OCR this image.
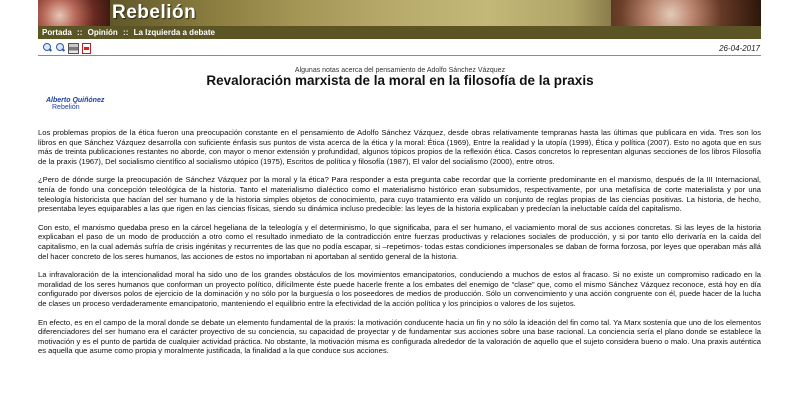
Rebelión
Portada :: Opinión :: La Izquierda a debate
26-04-2017
Algunas notas acerca del pensamiento de Adolfo Sánchez Vázquez
Revaloración marxista de la moral en la filosofía de la praxis
Alberto Quiñónez
Rebelión

Los problemas propios de la ética fueron una preocupación constante en el pensamiento de Adolfo Sánchez Vázquez, desde obras relativamente tempranas hasta las últimas que publicara en vida. Tres son los libros en que Sánchez Vázquez desarrolla con suficiente énfasis sus puntos de vista acerca de la ética y la moral: Ética (1969), Entre la realidad y la utopía (1999), Ética y política (2007). Esto no agota que en sus más de treinta publicaciones restantes no aborde, con mayor o menor extensión y profundidad, algunos tópicos propios de la reflexión ética. Casos concretos lo representan algunas secciones de los libros Filosofía de la praxis (1967), Del socialismo científico al socialismo utópico (1975), Escritos de política y filosofía (1987), El valor del socialismo (2000), entre otros.

¿Pero de dónde surge la preocupación de Sánchez Vázquez por la moral y la ética? Para responder a esta pregunta cabe recordar que la corriente predominante en el marxismo, después de la III Internacional, tenía de fondo una concepción teleológica de la historia. Tanto el materialismo dialéctico como el materialismo histórico eran subsumidos, respectivamente, por una metafísica de corte materialista y por una teleología historicista que hacían del ser humano y de la historia simples objetos de conocimiento, para cuyo tratamiento era válido un conjunto de reglas propias de las ciencias positivas. La historia, de hecho, presentaba leyes equiparables a las que rigen en las ciencias físicas, siendo su dinámica incluso predecible: las leyes de la historia explicaban y predecían la ineluctable caída del capitalismo.

Con esto, el marxismo quedaba preso en la cárcel hegeliana de la teleología y el determinismo, lo que significaba, para el ser humano, el vaciamiento moral de sus acciones concretas. Si las leyes de la historia explicaban el paso de un modo de producción a otro como el resultado inmediato de la contradicción entre fuerzas productivas y relaciones sociales de producción, y si por tanto ello derivaría en la caída del capitalismo, en la cual además sufría de crisis ingénitas y recurrentes de las que no podía escapar, si –repetimos- todas estas condiciones impersonales se daban de forma forzosa, por leyes que operaban más allá del hacer concreto de los seres humanos, las acciones de estos no importaban ni aportaban al sentido general de la historia.

La infravaloración de la intencionalidad moral ha sido uno de los grandes obstáculos de los movimientos emancipatorios, conduciendo a muchos de estos al fracaso. Si no existe un compromiso radicado en la moralidad de los seres humanos que conforman un proyecto político, difícilmente éste puede hacerle frente a los embates del enemigo de “clase” que, como el mismo Sánchez Vázquez reconoce, está hoy en día configurado por diversos polos de ejercicio de la dominación y no sólo por la burguesía o los poseedores de medios de producción. Sólo un convencimiento y una acción congruente con él, puede hacer de la lucha de clases un proceso verdaderamente emancipatorio, manteniendo el equilibrio entre la efectividad de la acción política y los principios o valores de los sujetos.

En efecto, es en el campo de la moral donde se debate un elemento fundamental de la praxis: la motivación conducente hacia un fin y no sólo la ideación del fin como tal. Ya Marx sostenía que uno de los elementos diferenciadores del ser humano era el carácter proyectivo de su conciencia, su capacidad de proyectar y de fundamentar sus acciones sobre una base racional. La conciencia sería el plano donde se establece la motivación y es el punto de partida de cualquier actividad práctica. No obstante, la motivación misma es configurada alrededor de la valoración de aquello que el sujeto considera bueno o malo. Una praxis auténtica es aquella que asume como propia y moralmente justificada, la finalidad a la que conduce sus acciones.
